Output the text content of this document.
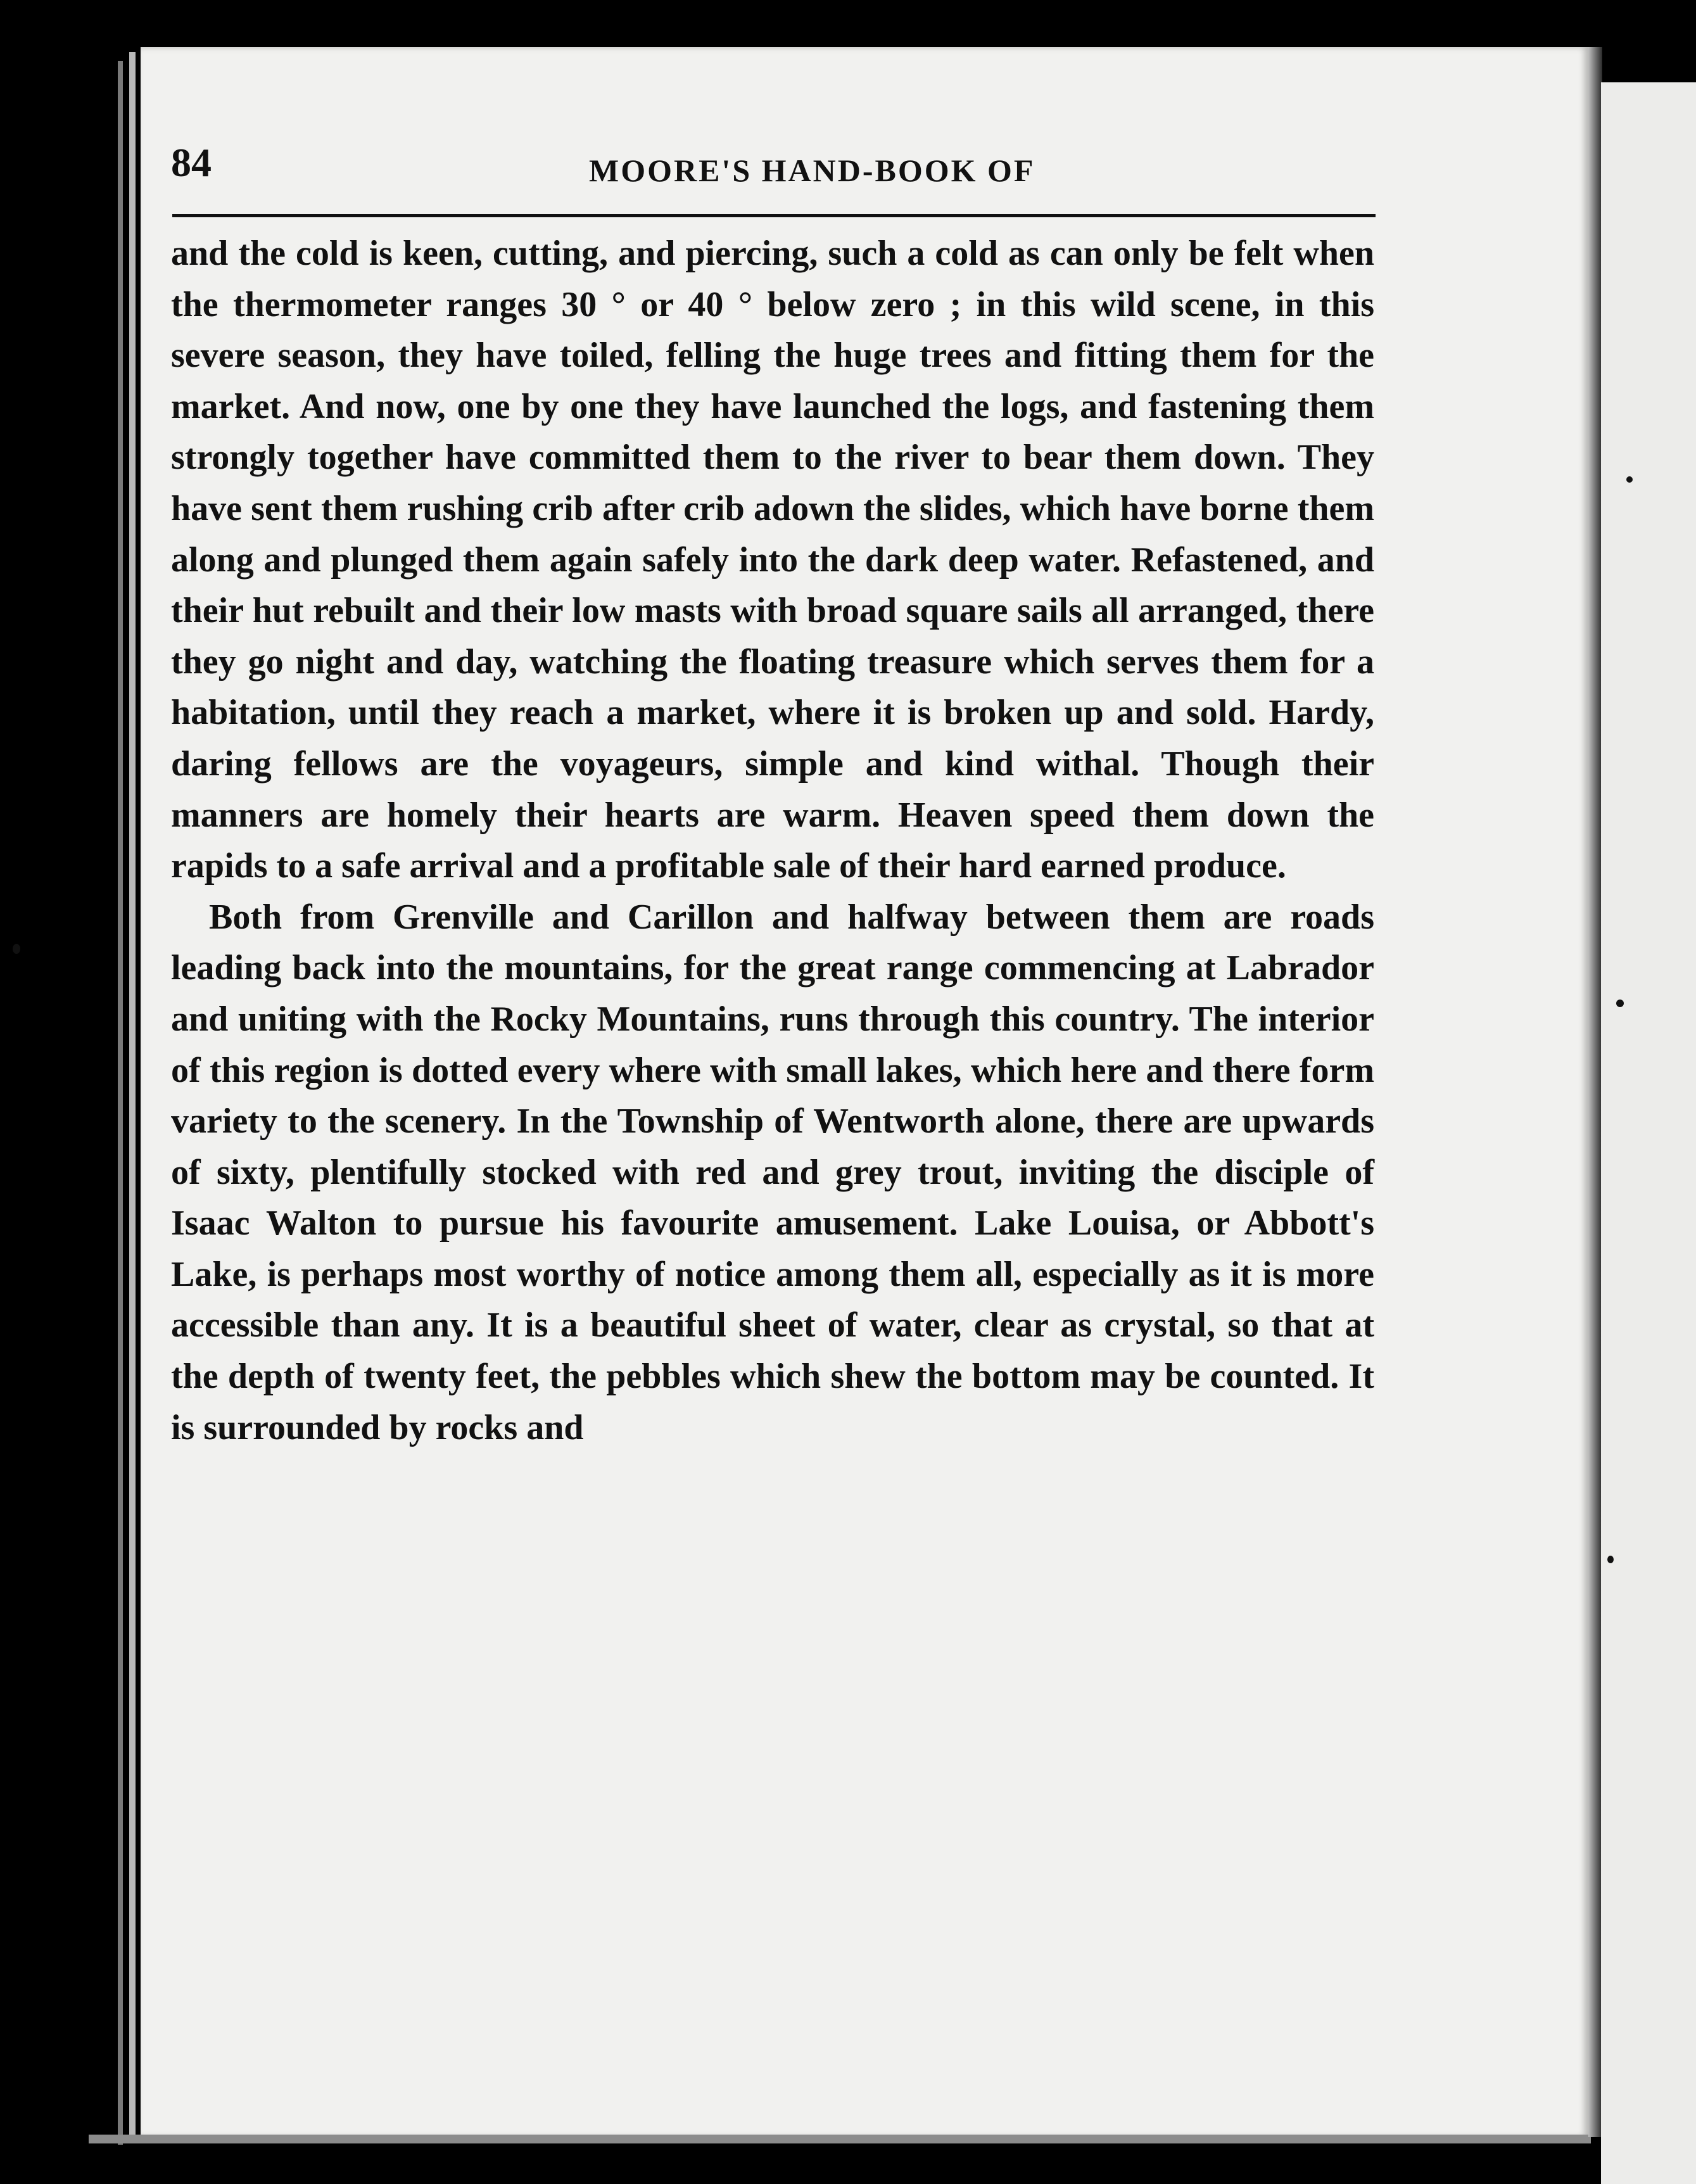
84	MOORE'S HAND-BOOK OF

and the cold is keen, cutting, and piercing, such a cold as can only be felt when the thermometer ranges 30 ° or 40 ° below zero ; in this wild scene, in this severe season, they have toiled, felling the huge trees and fitting them for the market. And now, one by one they have launched the logs, and fastening them strongly together have committed them to the river to bear them down. They have sent them rushing crib after crib adown the slides, which have borne them along and plunged them again safely into the dark deep water. Refastened, and their hut rebuilt and their low masts with broad square sails all arranged, there they go night and day, watching the floating treasure which serves them for a habitation, until they reach a market, where it is broken up and sold. Hardy, daring fellows are the voyageurs, simple and kind withal. Though their manners are homely their hearts are warm. Heaven speed them down the rapids to a safe arrival and a profitable sale of their hard earned produce.

Both from Grenville and Carillon and halfway between them are roads leading back into the mountains, for the great range commencing at Labrador and uniting with the Rocky Mountains, runs through this country. The interior of this region is dotted every where with small lakes, which here and there form variety to the scenery. In the Township of Wentworth alone, there are upwards of sixty, plentifully stocked with red and grey trout, inviting the disciple of Isaac Walton to pursue his favourite amusement. Lake Louisa, or Abbott's Lake, is perhaps most worthy of notice among them all, especially as it is more accessible than any. It is a beautiful sheet of water, clear as crystal, so that at the depth of twenty feet, the pebbles which shew the bottom may be counted. It is surrounded by rocks and
